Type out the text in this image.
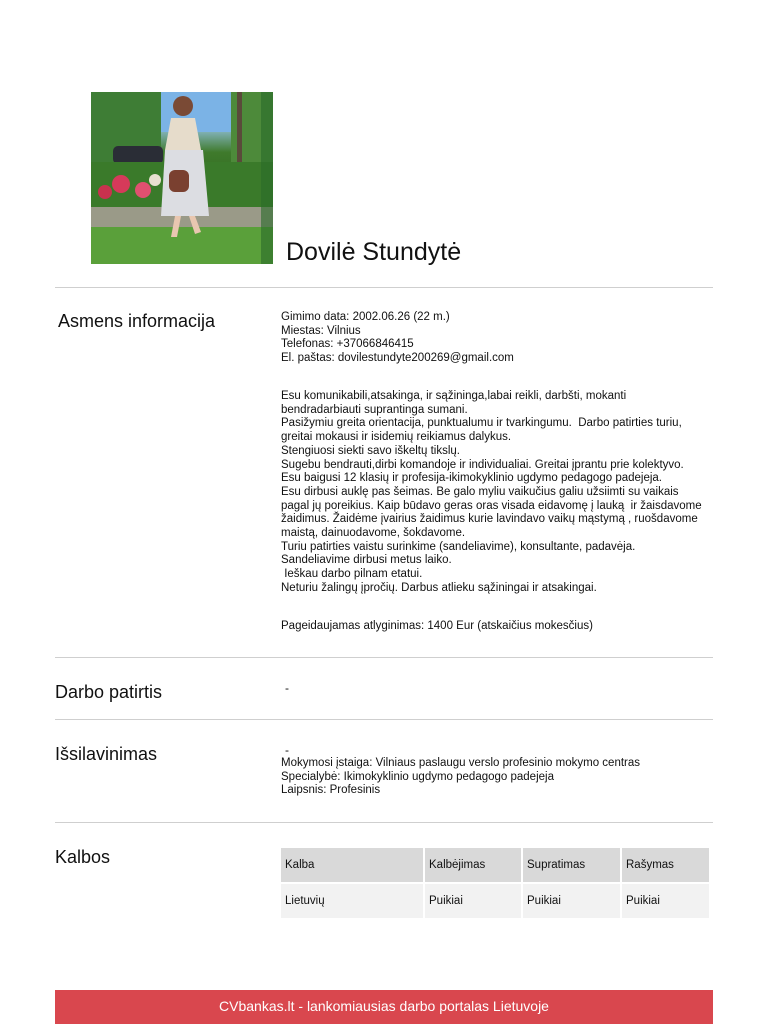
Dovilė Stundytė
Asmens informacija	Gimimo data: 2002.06.26 (22 m.)
Miestas: Vilnius
Telefonas: +37066846415
El. paštas: dovilestundyte200269@gmail.com
Esu komunikabili,atsakinga, ir sąžininga,labai reikli, darbšti, mokanti
bendradarbiauti suprantinga sumani.
Pasižymiu greita orientacija, punktualumu ir tvarkingumu.  Darbo patirties turiu,
greitai mokausi ir isidemių reikiamus dalykus.
Stengiuosi siekti savo iškeltų tikslų.
Sugebu bendrauti,dirbi komandoje ir individualiai. Greitai įprantu prie kolektyvo.
Esu baigusi 12 klasių ir profesija-ikimokyklinio ugdymo pedagogo padejeja.
Esu dirbusi auklę pas šeimas. Be galo myliu vaikučius galiu užsiimti su vaikais
pagal jų poreikius. Kaip būdavo geras oras visada eidavomę į lauką  ir žaisdavome
žaidimus. Žaidėme įvairius žaidimus kurie lavindavo vaikų mąstymą , ruošdavome
maistą, dainuodavome, šokdavome.
Turiu patirties vaistu surinkime (sandeliavime), konsultante, padavėja.
Sandeliavime dirbusi metus laiko.
Ieškau darbo pilnam etatui.
Neturiu žalingų įpročių. Darbus atlieku sąžiningai ir atsakingai.
Pageidaujamas atlyginimas: 1400 Eur (atskaičius mokesčius)
Darbo patirtis	-
Išsilavinimas	-
Mokymosi įstaiga: Vilniaus paslaugu verslo profesinio mokymo centras
Specialybė: Ikimokyklinio ugdymo pedagogo padejeja
Laipsnis: Profesinis
Kalbos	Kalba	Kalbėjimas	Supratimas	Rašymas
Lietuvių	Puikiai	Puikiai	Puikiai
CVbankas.lt - lankomiausias darbo portalas Lietuvoje
